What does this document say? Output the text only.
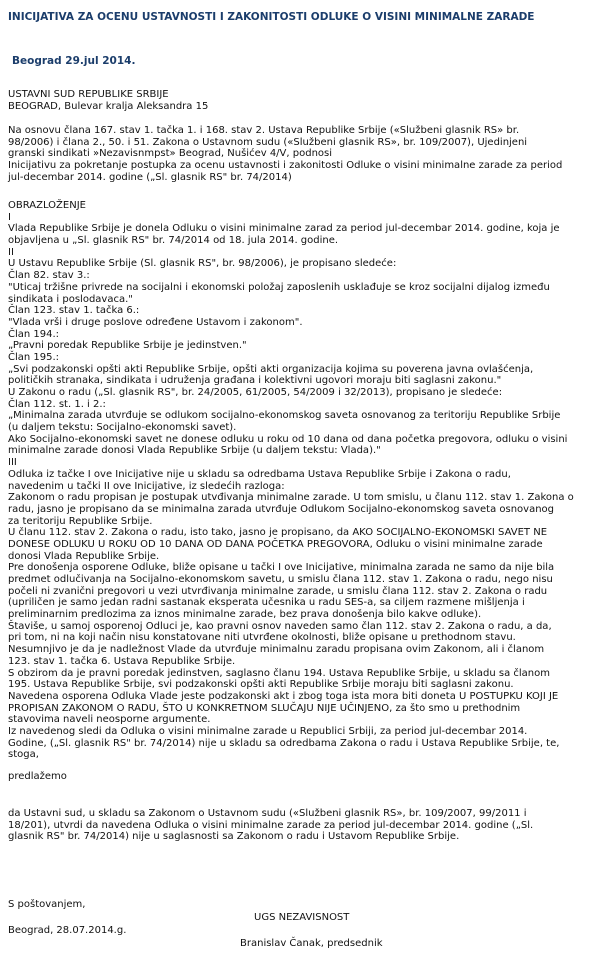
INICIJATIVA ZA OCENU USTAVNOSTI I ZAKONITOSTI ODLUKE O VISINI MINIMALNE ZARADE
Beograd 29.jul 2014.
USTAVNI SUD REPUBLIKE SRBIJE
BEOGRAD, Bulevar kralja Aleksandra 15
Na osnovu člana 167. stav 1. tačka 1. i 168. stav 2. Ustava Republike Srbije («Službeni glasnik RS» br.
98/2006) i člana 2., 50. i 51. Zakona o Ustavnom sudu («Službeni glasnik RS», br. 109/2007), Ujedinjeni
granski sindikati »Nezavisnmpst» Beograd, Nušićev 4/V, podnosi
Inicijativu za pokretanje postupka za ocenu ustavnosti i zakonitosti Odluke o visini minimalne zarade za period
jul-decembar 2014. godine („Sl. glasnik RS" br. 74/2014)
OBRAZLOŽENJE
I
Vlada Republike Srbije je donela Odluku o visini minimalne zarad za period jul-decembar 2014. godine, koja je
objavljena u „Sl. glasnik RS" br. 74/2014 od 18. jula 2014. godine.
II
U Ustavu Republike Srbije (Sl. glasnik RS", br. 98/2006), je propisano sledeće:
Član 82. stav 3.:
"Uticaj tržišne privrede na socijalni i ekonomski položaj zaposlenih usklađuje se kroz socijalni dijalog između
sindikata i poslodavaca."
Član 123. stav 1. tačka 6.:
"Vlada vrši i druge poslove određene Ustavom i zakonom".
Član 194.:
„Pravni poredak Republike Srbije je jedinstven."
Član 195.:
„Svi podzakonski opšti akti Republike Srbije, opšti akti organizacija kojima su poverena javna ovlašćenja,
političkih stranaka, sindikata i udruženja građana i kolektivni ugovori moraju biti saglasni zakonu."
U Zakonu o radu („Sl. glasnik RS", br. 24/2005, 61/2005, 54/2009 i 32/2013), propisano je sledeće:
Član 112. st. 1. i 2.:
„Minimalna zarada utvrđuje se odlukom socijalno-ekonomskog saveta osnovanog za teritoriju Republike Srbije
(u daljem tekstu: Socijalno-ekonomski savet).
Ako Socijalno-ekonomski savet ne donese odluku u roku od 10 dana od dana početka pregovora, odluku o visini
minimalne zarade donosi Vlada Republike Srbije (u daljem tekstu: Vlada)."
III
Odluka iz tačke I ove Inicijative nije u skladu sa odredbama Ustava Republike Srbije i Zakona o radu,
navedenim u tački II ove Inicijative, iz sledećih razloga:
Zakonom o radu propisan je postupak utvđivanja minimalne zarade. U tom smislu, u članu 112. stav 1. Zakona o
radu, jasno je propisano da se minimalna zarada utvrđuje Odlukom Socijalno-ekonomskog saveta osnovanog
za teritoriju Republike Srbije.
U članu 112. stav 2. Zakona o radu, isto tako, jasno je propisano, da AKO SOCIJALNO-EKONOMSKI SAVET NE
DONESE ODLUKU U ROKU OD 10 DANA OD DANA POČETKA PREGOVORA, Odluku o visini minimalne zarade
donosi Vlada Republike Srbije.
Pre donošenja osporene Odluke, bliže opisane u tački I ove Inicijative, minimalna zarada ne samo da nije bila
predmet odlučivanja na Socijalno-ekonomskom savetu, u smislu člana 112. stav 1. Zakona o radu, nego nisu
počeli ni zvanični pregovori u vezi utvrđivanja minimalne zarade, u smislu člana 112. stav 2. Zakona o radu
(upriličen je samo jedan radni sastanak eksperata učesnika u radu SES-a, sa ciljem razmene mišljenja i
preliminarnim predlozima za iznos minimalne zarade, bez prava donošenja bilo kakve odluke).
Štaviše, u samoj osporenoj Odluci je, kao pravni osnov naveden samo član 112. stav 2. Zakona o radu, a da,
pri tom, ni na koji način nisu konstatovane niti utvrđene okolnosti, bliže opisane u prethodnom stavu.
Nesumnjivo je da je nadležnost Vlade da utvrđuje minimalnu zaradu propisana ovim Zakonom, ali i članom
123. stav 1. tačka 6. Ustava Republike Srbije.
S obzirom da je pravni poredak jedinstven, saglasno članu 194. Ustava Republike Srbije, u skladu sa članom
195. Ustava Republike Srbije, svi podzakonski opšti akti Republike Srbije moraju biti saglasni zakonu.
Navedena osporena Odluka Vlade jeste podzakonski akt i zbog toga ista mora biti doneta U POSTUPKU KOJI JE
PROPISAN ZAKONOM O RADU, ŠTO U KONKRETNOM SLUČAJU NIJE UČINJENO, za što smo u prethodnim
stavovima naveli neosporne argumente.
Iz navedenog sledi da Odluka o visini minimalne zarade u Republici Srbiji, za period jul-decembar 2014.
Godine, („Sl. glasnik RS" br. 74/2014) nije u skladu sa odredbama Zakona o radu i Ustava Republike Srbije, te,
stoga,
predlažemo
da Ustavni sud, u skladu sa Zakonom o Ustavnom sudu («Službeni glasnik RS», br. 109/2007, 99/2011 i
18/201), utvrdi da navedena Odluka o visini minimalne zarade za period jul-decembar 2014. godine („Sl.
glasnik RS" br. 74/2014) nije u saglasnosti sa Zakonom o radu i Ustavom Republike Srbije.
S poštovanjem,
UGS NEZAVISNOST
Beograd, 28.07.2014.g.
Branislav Čanak, predsednik
